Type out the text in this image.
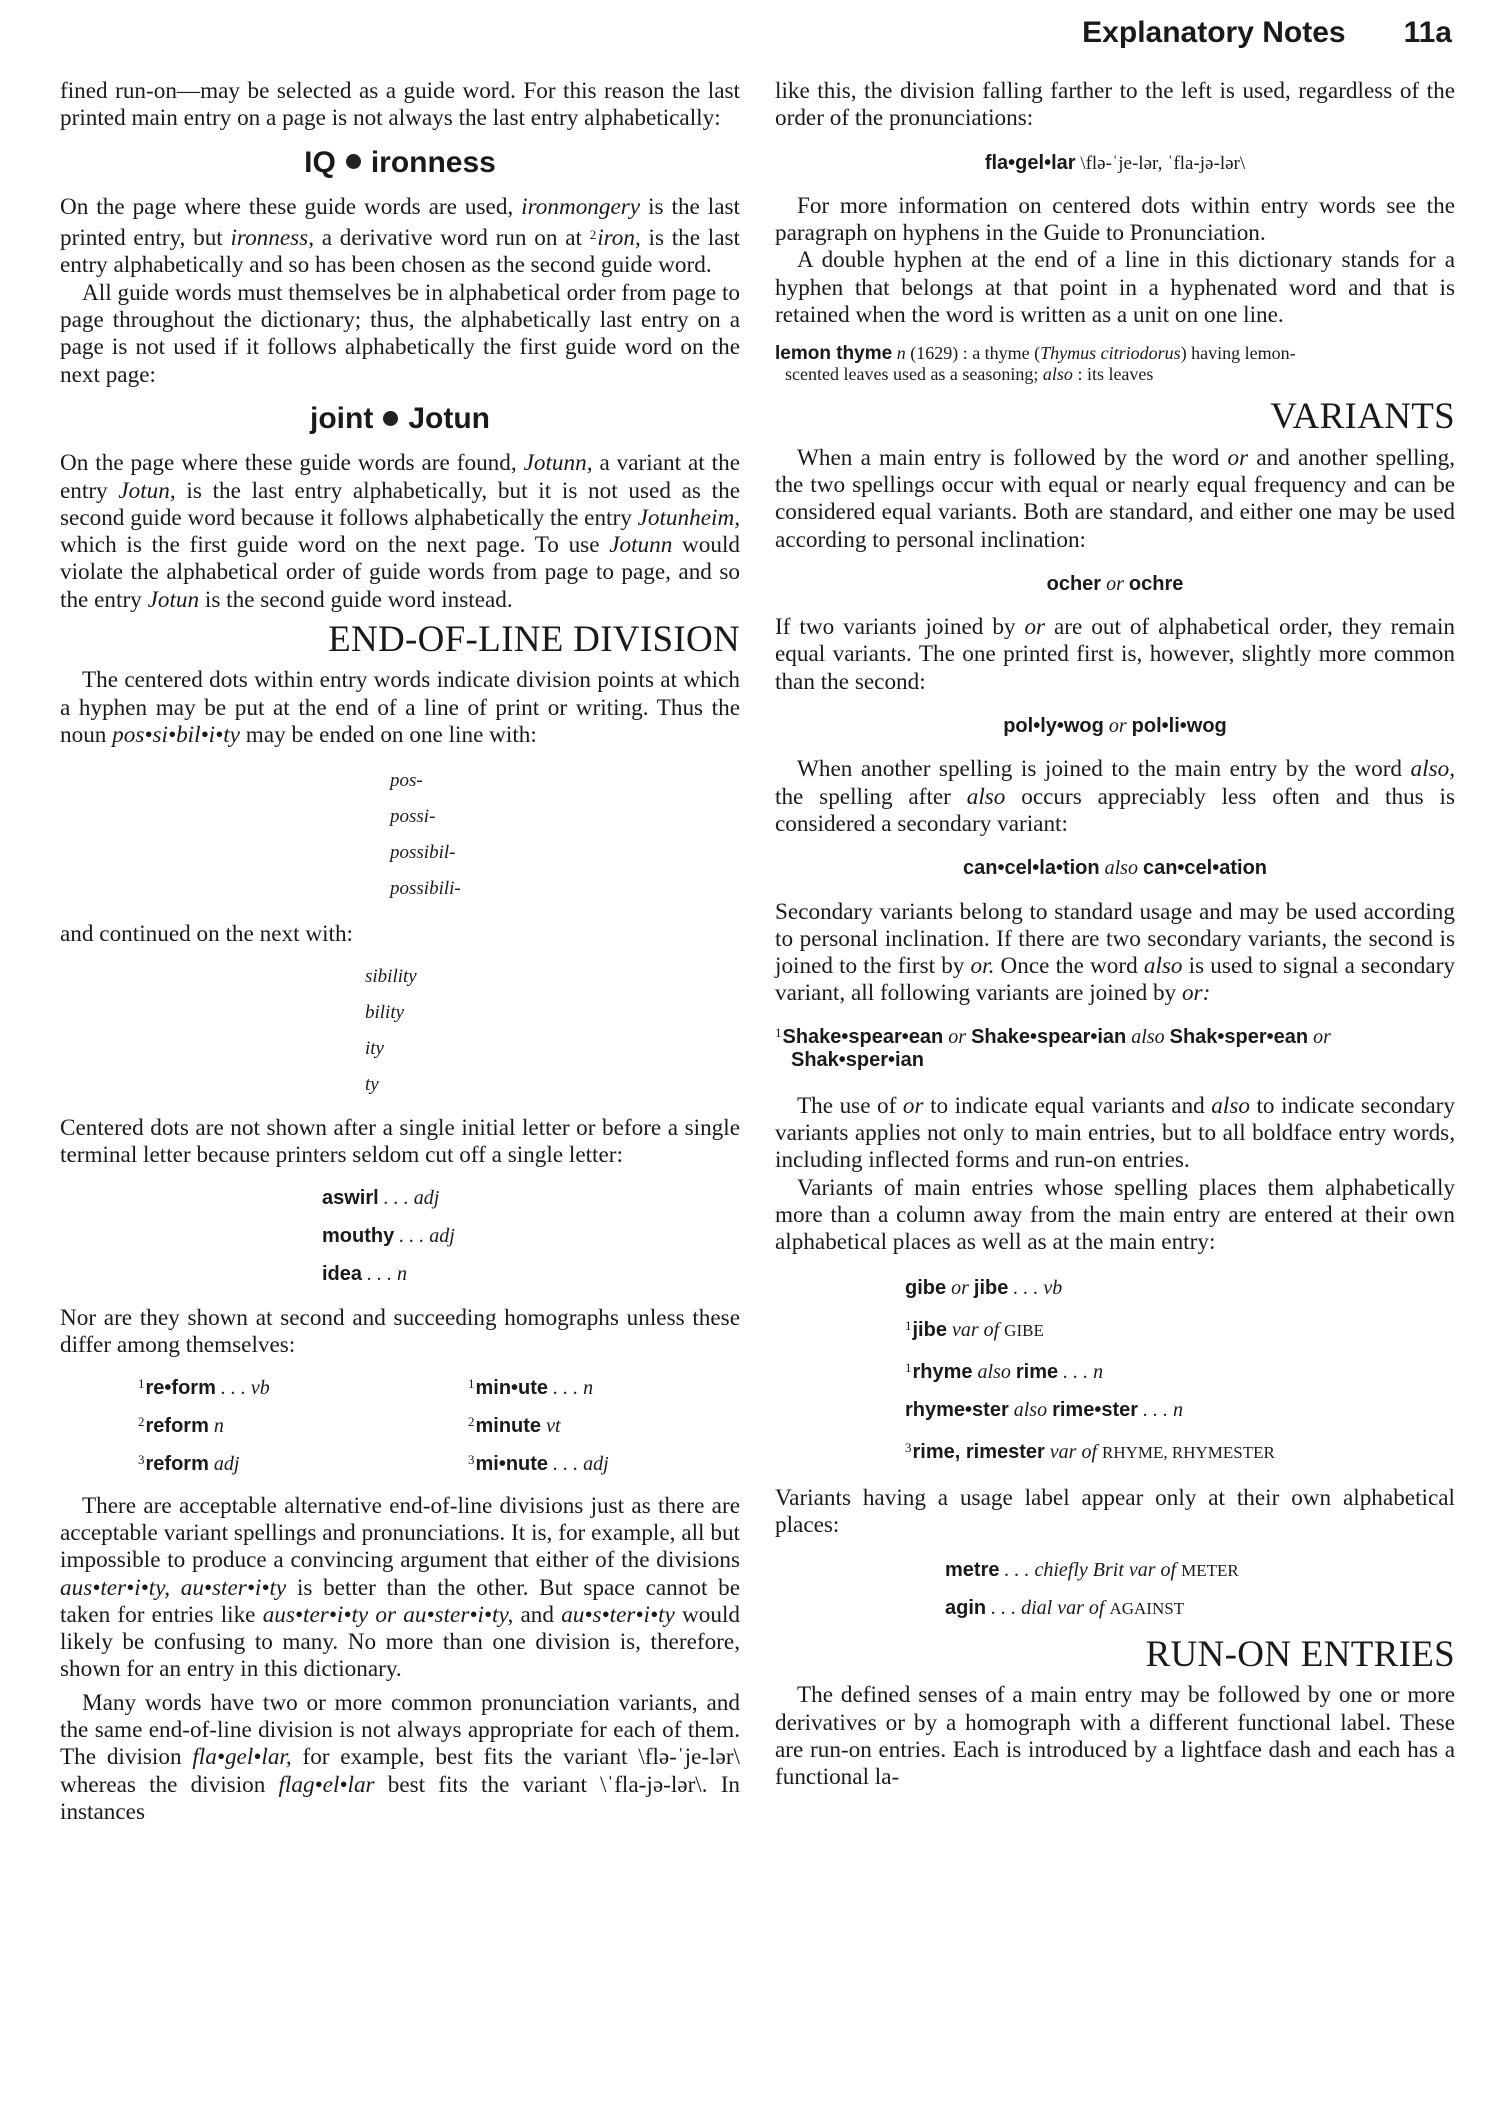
Explanatory Notes 11a

fined run-on—may be selected as a guide word. For this reason the last printed main entry on a page is not always the last entry alphabetically:

IQ ironness

On the page where these guide words are used, ironmongery is the last printed entry, but ironness, a derivative word run on at $^2$iron, is the last entry alphabetically and so has been chosen as the second guide word.

All guide words must themselves be in alphabetical order from page to page throughout the dictionary; thus, the alphabetically last entry on a page is not used if it follows alphabetically the first guide word on the next page:

joint Jotun

On the page where these guide words are found, Jotunn, a variant at the entry Jotun, is the last entry alphabetically, but it is not used as the second guide word because it follows alphabetically the entry Jotunheim, which is the first guide word on the next page. To use Jotunn would violate the alphabetical order of guide words from page to page, and so the entry Jotun is the second guide word instead.

END-OF-LINE DIVISION

The centered dots within entry words indicate division points at which a hyphen may be put at the end of a line of print or writing. Thus the noun pos•si•bil•i•ty may be ended on one line with:

pos-
possi-
possibil-
possibili-

and continued on the next with:

sibility
bility
ity
ty

Centered dots are not shown after a single initial letter or before a single terminal letter because printers seldom cut off a single letter:

aswirl . . . adj
mouthy . . . adj
idea . . . n

Nor are they shown at second and succeeding homographs unless these differ among themselves:

$^1$re•form . . . vb	$^1$min•ute . . . n
$^2$reform n	$^2$minute vt
$^3$reform adj	$^3$mi•nute . . . adj

There are acceptable alternative end-of-line divisions just as there are acceptable variant spellings and pronunciations. It is, for example, all but impossible to produce a convincing argument that either of the divisions aus•ter•i•ty, au•ster•i•ty is better than the other. But space cannot be taken for entries like aus•ter•i•ty or au•ster•i•ty, and au•s•ter•i•ty would likely be confusing to many. No more than one division is, therefore, shown for an entry in this dictionary.

Many words have two or more common pronunciation variants, and the same end-of-line division is not always appropriate for each of them. The division fla•gel•lar, for example, best fits the variant \flə-ˈje-lər\ whereas the division flag•el•lar best fits the variant \ˈfla-jə-lər\. In instances

like this, the division falling farther to the left is used, regardless of the order of the pronunciations:

fla•gel•lar \flə-ˈje-lər, ˈfla-jə-lər\

For more information on centered dots within entry words see the paragraph on hyphens in the Guide to Pronunciation.

A double hyphen at the end of a line in this dictionary stands for a hyphen that belongs at that point in a hyphenated word and that is retained when the word is written as a unit on one line.

lemon thyme n (1629) : a thyme (Thymus citriodorus) having lemon-
scented leaves used as a seasoning; also : its leaves
VARIANTS

When a main entry is followed by the word or and another spelling, the two spellings occur with equal or nearly equal frequency and can be considered equal variants. Both are standard, and either one may be used according to personal inclination:

ocher or ochre

If two variants joined by or are out of alphabetical order, they remain equal variants. The one printed first is, however, slightly more common than the second:

pol•ly•wog or pol•li•wog

When another spelling is joined to the main entry by the word also, the spelling after also occurs appreciably less often and thus is considered a secondary variant:

can•cel•la•tion also can•cel•ation

Secondary variants belong to standard usage and may be used according to personal inclination. If there are two secondary variants, the second is joined to the first by or. Once the word also is used to signal a secondary variant, all following variants are joined by or:

$^1$Shake•spear•ean or Shake•spear•ian also Shak•sper•ean or
Shak•sper•ian

The use of or to indicate equal variants and also to indicate secondary variants applies not only to main entries, but to all boldface entry words, including inflected forms and run-on entries.

Variants of main entries whose spelling places them alphabetically more than a column away from the main entry are entered at their own alphabetical places as well as at the main entry:

gibe or jibe . . . vb
$^1$jibe var of GIBE
$^1$rhyme also rime . . . n
rhyme•ster also rime•ster . . . n
$^3$rime, rimester var of RHYME, RHYMESTER

Variants having a usage label appear only at their own alphabetical places:

metre . . . chiefly Brit var of METER
agin . . . dial var of AGAINST
RUN-ON ENTRIES

The defined senses of a main entry may be followed by one or more derivatives or by a homograph with a different functional label. These are run-on entries. Each is introduced by a lightface dash and each has a functional la-
